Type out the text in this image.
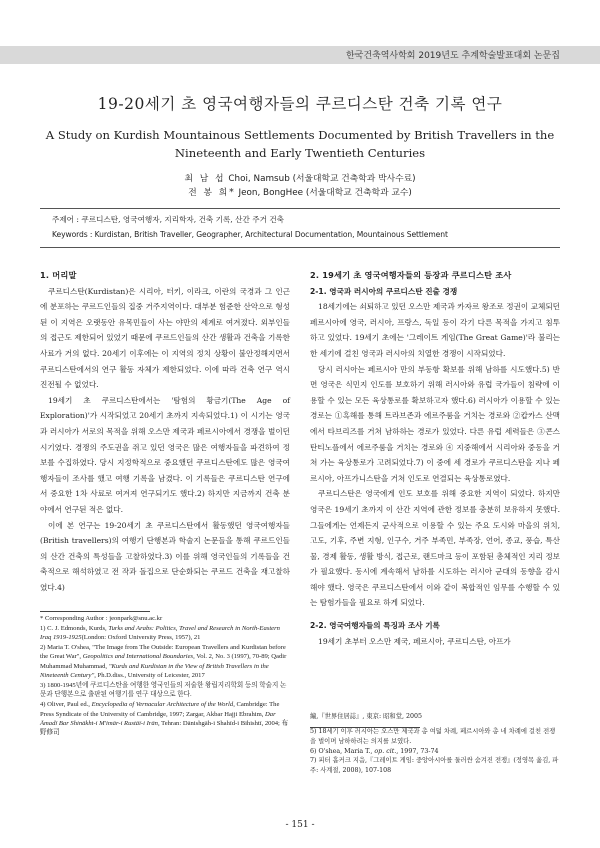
한국건축역사학회 2019년도 추계학술발표대회 논문집
19-20세기 초 영국여행자들의 쿠르디스탄 건축 기록 연구
A Study on Kurdish Mountainous Settlements Documented by British Travellers in the
Nineteenth and Early Twentieth Centuries
최 남 섭 Choi, Namsub (서울대학교 건축학과 박사수료)
전 봉 희* Jeon, BongHee (서울대학교 건축학과 교수)
주제어 : 쿠르디스탄, 영국여행자, 지리학자, 건축 기록, 산간 주거 건축
Keywords : Kurdistan, British Traveller, Geographer, Architectural Documentation, Mountainous Settlement
1. 머리말

쿠르디스탄(Kurdistan)은 시리아, 터키, 이라크, 이란의 국경과 그 인근에 분포하는 쿠르드인들의 집중 거주지역이다. 대부분 험준한 산악으로 형성된 이 지역은 오랫동안 유목민들이 사는 야만의 세계로 여겨졌다. 외부인들의 접근도 제한되어 있었기 때문에 쿠르드인들의 산간 생활과 건축을 기록한 사료가 거의 없다. 20세기 이후에는 이 지역의 정치 상황이 불안정해지면서 쿠르디스탄에서의 연구 활동 자체가 제한되었다. 이에 따라 건축 연구 역시 진전될 수 없었다.

19세기 초 쿠르디스탄에서는 '탐험의 황금기(The Age of Exploration)'가 시작되었고 20세기 초까지 지속되었다.1) 이 시기는 영국과 러시아가 서로의 목적을 위해 오스만 제국과 페르시아에서 경쟁을 벌이던 시기였다. 경쟁의 주도권을 쥐고 있던 영국은 많은 여행자들을 파견하여 정보를 수집하였다. 당시 지정학적으로 중요했던 쿠르디스탄에도 많은 영국여행자들이 조사를 했고 여행 기록을 남겼다. 이 기록들은 쿠르디스탄 연구에서 중요한 1차 사료로 여겨져 연구되기도 했다.2) 하지만 지금까지 건축 분야에서 연구된 적은 없다.

이에 본 연구는 19-20세기 초 쿠르디스탄에서 활동했던 영국여행자들(British travellers)의 여행기 단행본과 학술지 논문들을 통해 쿠르드인들의 산간 건축의 특성들을 고찰하였다.3) 이를 위해 영국인들의 기록들을 건축적으로 해석하였고 전 작과 돌집으로 단순화되는 쿠르드 건축을 재고찰하였다.4)

2. 19세기 초 영국여행자들의 등장과 쿠르디스탄 조사
2-1. 영국과 러시아의 쿠르디스탄 진출 경쟁

18세기에는 쇠퇴하고 있던 오스만 제국과 카자르 왕조로 정권이 교체되던 페르시아에 영국, 러시아, 프랑스, 독일 등이 각기 다른 목적을 가지고 침투하고 있었다. 19세기 초에는 '그레이트 게임(The Great Game)'라 불리는 한 세기에 걸친 영국과 러시아의 치열한 경쟁이 시작되었다.

당시 러시아는 페르시아 만의 부동항 확보를 위해 남하를 시도했다.5) 반면 영국은 식민지 인도를 보호하기 위해 러시아와 유럽 국가들이 침략에 이용할 수 있는 모든 육상통로를 확보하고자 했다.6) 러시아가 이용할 수 있는 경로는 ①흑해를 통해 트라브존과 에르주룸을 거치는 경로와 ②캅카스 산맥에서 타브리즈를 거쳐 남하하는 경로가 있었다. 다른 유럽 세력들은 ③콘스탄티노플에서 에르주룸을 거치는 경로와 ④ 지중해에서 시리아와 중동을 거쳐 가는 육상통로가 고려되었다.7) 이 중에 세 경로가 쿠르디스탄을 지나 페르시아, 아프가니스탄을 거쳐 인도로 연결되는 육상통로였다.

쿠르디스탄은 영국에게 인도 보호를 위해 중요한 지역이 되었다. 하지만 영국은 19세기 초까지 이 산간 지역에 관한 정보를 충분히 보유하지 못했다. 그들에게는 언제든지 군사적으로 이용할 수 있는 주요 도시와 마을의 위치, 고도, 기후, 주변 지형, 인구수, 거주 부족민, 부족장, 언어, 종교, 풍습, 특산물, 경제 활동, 생활 방식, 접근로, 랜드마크 등이 포함된 총체적인 지리 정보가 필요했다. 동시에 계속해서 남하를 시도하는 러시아 군대의 동향을 감시해야 했다. 영국은 쿠르디스탄에서 이와 같이 복합적인 임무를 수행할 수 있는 탐험가들을 필요로 하게 되었다.

2-2. 영국여행자들의 특징과 조사 기록

19세기 초부터 오스만 제국, 페르시아, 쿠르디스탄, 아프가

* Corresponding Author : jeonpark@snu.ac.kr

1) C. J. Edmonds, Kurds, Turks and Arabs: Politics, Travel and Research in North-Eastern Iraq 1919-1925(London: Oxford University Press, 1957), 21

2) Maria T. O'shea, "The Image from The Outside: European Travellers and Kurdistan before the Great War", Geopolitics and International Boundaries, Vol. 2, No. 3 (1997), 70-89; Qadir Muhammad Muhammad, "Kurds and Kurdistan in the View of British Travellers in the Nineteenth Century", Ph.D.diss., University of Leicester, 2017

3) 1800-1945년에 쿠르디스탄을 여행한 영국인들의 저술한 왕립지리학회 등의 학술지 논문과 단행본으로 출판된 여행기를 연구 대상으로 한다.

4) Oliver, Paul ed., Encyclopedia of Vernacular Architecture of the World, Cambridge: The Press Syndicate of the University of Cambridge, 1997; Zargar, Akbar Hajji Ebrahim, Dar Āmadī Bar Shinākht-i M'imār-i Rustāī-i Irān, Tehran: Dānishgāh-i Shahīd-i Bihishtī, 2004; 布野修司

編,『世界住居誌』, 東京: 昭和堂, 2005

5) 18세기 이후 러시아는 오스만 제국과 총 여덟 차례, 페르시아와 총 네 차례에 걸친 전쟁을 벌이며 남하하려는 의지를 보였다.

6) O'shea, Maria T., op. cit., 1997, 73-74

7) 피터 홉커크 지음,『그레이트 게임: 중앙아시아를 둘러싼 숨겨진 전쟁』(정영목 옮김, 파주: 사계절, 2008), 107-108

- 151 -
